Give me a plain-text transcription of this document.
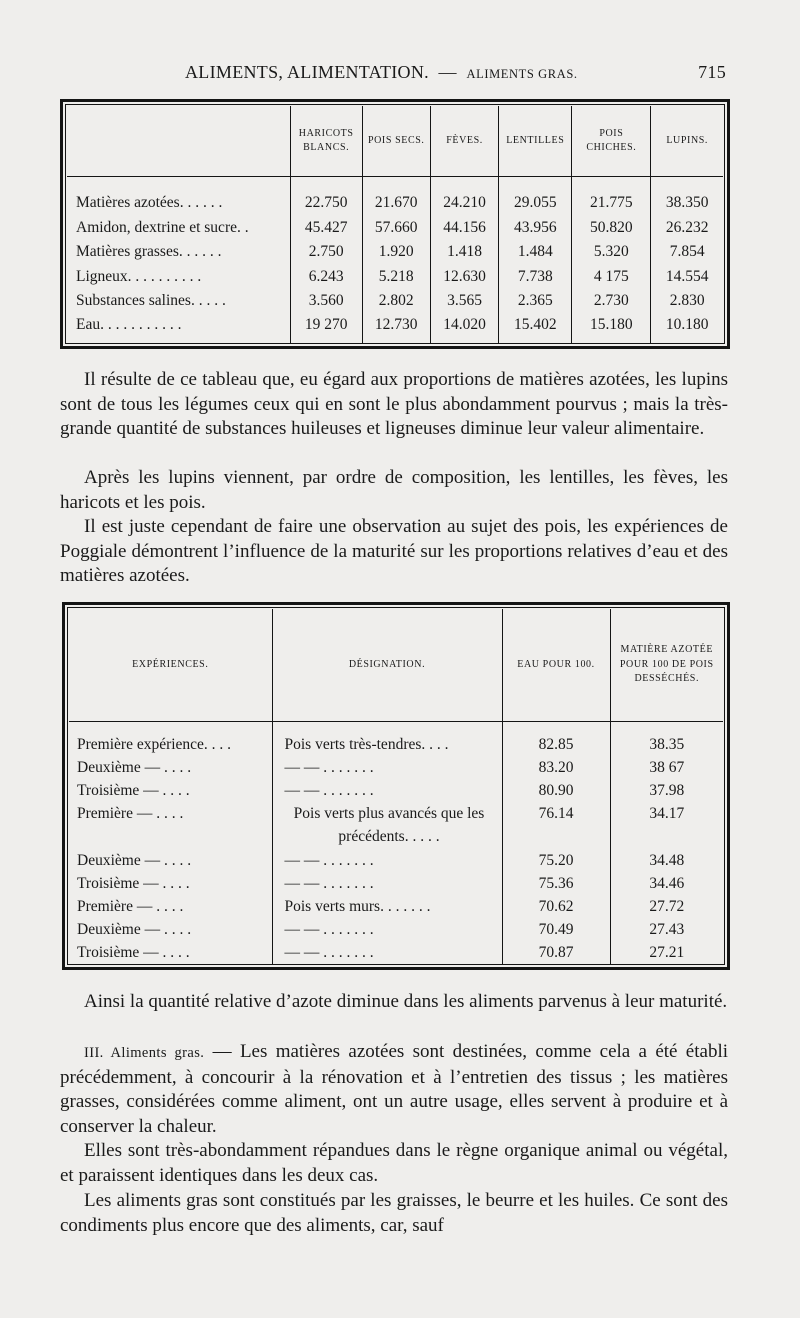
ALIMENTS, ALIMENTATION. — ALIMENTS GRAS.	715
	HARICOTS BLANCS.	POIS SECS.	FÈVES.	LENTILLES	POIS CHICHES.	LUPINS.
Matières azotées. . . . . .	22.750	21.670	24.210	29.055	21.775	38.350
Amidon, dextrine et sucre. .	45.427	57.660	44.156	43.956	50.820	26.232
Matières grasses. . . . . .	2.750	1.920	1.418	1.484	5.320	7.854
Ligneux. . . . . . . . . .	6.243	5.218	12.630	7.738	4 175	14.554
Substances salines. . . . .	3.560	2.802	3.565	2.365	2.730	2.830
Eau. . . . . . . . . . .	19 270	12.730	14.020	15.402	15.180	10.180

Il résulte de ce tableau que, eu égard aux proportions de matières azotées, les lupins sont de tous les légumes ceux qui en sont le plus abondamment pourvus ; mais la très-grande quantité de substances huileuses et ligneuses diminue leur valeur alimentaire.

Après les lupins viennent, par ordre de composition, les lentilles, les fèves, les haricots et les pois.

Il est juste cependant de faire une observation au sujet des pois, les expériences de Poggiale démontrent l’influence de la maturité sur les proportions relatives d’eau et des matières azotées.

EXPÉRIENCES.	DÉSIGNATION.	EAU POUR 100.	MATIÈRE AZOTÉE POUR 100 DE POIS DESSÉCHÉS.
Première expérience. . . .	Pois verts très-tendres. . . .	82.85	38.35
Deuxième — . . . .	— — . . . . . . .	83.20	38 67
Troisième — . . . .	— — . . . . . . .	80.90	37.98
Première — . . . .	Pois verts plus avancés que les précédents. . . . .	76.14	34.17
Deuxième — . . . .	— — . . . . . . .	75.20	34.48
Troisième — . . . .	— — . . . . . . .	75.36	34.46
Première — . . . .	Pois verts murs. . . . . . .	70.62	27.72
Deuxième — . . . .	— — . . . . . . .	70.49	27.43
Troisième — . . . .	— — . . . . . . .	70.87	27.21

Ainsi la quantité relative d’azote diminue dans les aliments parvenus à leur maturité.

III. Aliments gras. — Les matières azotées sont destinées, comme cela a été établi précédemment, à concourir à la rénovation et à l’entretien des tissus ; les matières grasses, considérées comme aliment, ont un autre usage, elles servent à produire et à conserver la chaleur.

Elles sont très-abondamment répandues dans le règne organique animal ou végétal, et paraissent identiques dans les deux cas.

Les aliments gras sont constitués par les graisses, le beurre et les huiles. Ce sont des condiments plus encore que des aliments, car, sauf
